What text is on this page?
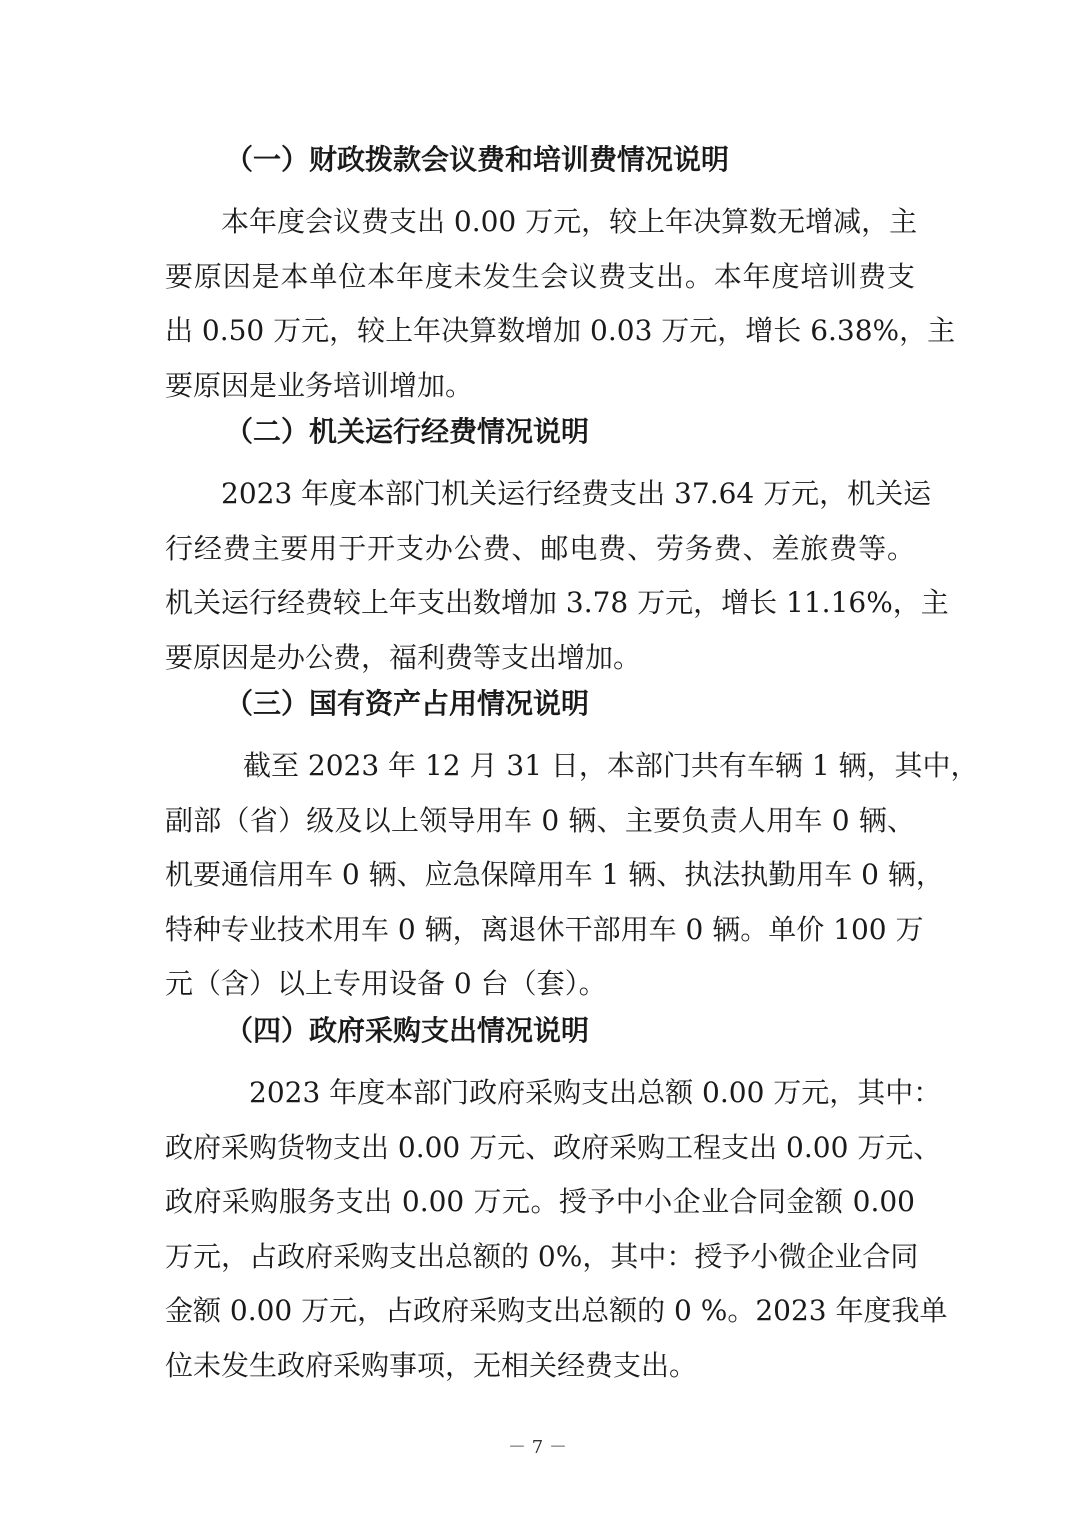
（一）财政拨款会议费和培训费情况说明
本年度会议费支出 0.00 万元，较上年决算数无增减，主
要原因是本单位本年度未发生会议费支出。本年度培训费支
出 0.50 万元，较上年决算数增加 0.03 万元，增长 6.38%，主
要原因是业务培训增加。
（二）机关运行经费情况说明
2023 年度本部门机关运行经费支出 37.64 万元，机关运
行经费主要用于开支办公费、邮电费、劳务费、差旅费等。
机关运行经费较上年支出数增加 3.78 万元，增长 11.16%，主
要原因是办公费，福利费等支出增加。
（三）国有资产占用情况说明
截至 2023 年 12 月 31 日，本部门共有车辆 1 辆，其中，
副部（省）级及以上领导用车 0 辆、主要负责人用车 0 辆、
机要通信用车 0 辆、应急保障用车 1 辆、执法执勤用车 0 辆，
特种专业技术用车 0 辆，离退休干部用车 0 辆。单价 100 万
元（含）以上专用设备 0 台（套）。
（四）政府采购支出情况说明
2023 年度本部门政府采购支出总额 0.00 万元，其中：
政府采购货物支出 0.00 万元、政府采购工程支出 0.00 万元、
政府采购服务支出 0.00 万元。授予中小企业合同金额 0.00
万元，占政府采购支出总额的 0%，其中：授予小微企业合同
金额 0.00 万元，占政府采购支出总额的 0 %。2023 年度我单
位未发生政府采购事项，无相关经费支出。
－ 7 －
